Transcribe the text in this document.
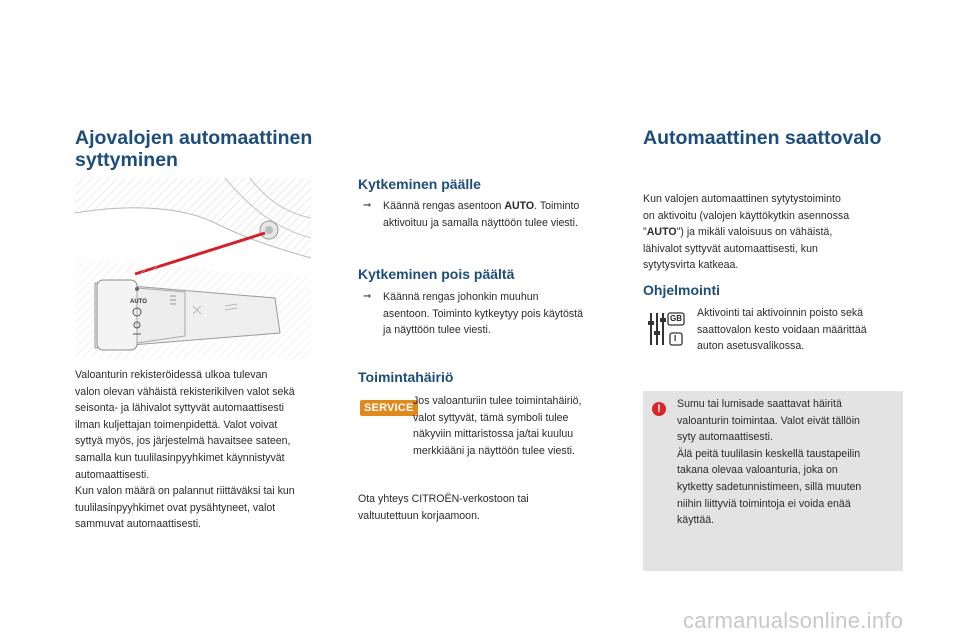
Ajovalojen automaattinen
syttyminen
AUTO

Valoanturin rekisteröidessä ulkoa tulevan

valon olevan vähäistä rekisterikilven valot sekä

seisonta- ja lähivalot syttyvät automaattisesti

ilman kuljettajan toimenpidettä. Valot voivat

syttyä myös, jos järjestelmä havaitsee sateen,

samalla kun tuulilasinpyyhkimet käynnistyvät

automaattisesti.

Kun valon määrä on palannut riittäväksi tai kun

tuulilasinpyyhkimet ovat pysähtyneet, valot

sammuvat automaattisesti.

Kytkeminen päälle
➞	Käännä rengas asentoon AUTO. Toiminto

aktivoituu ja samalla näyttöön tulee viesti.

Kytkeminen pois päältä
➞	Käännä rengas johonkin muuhun

asentoon. Toiminto kytkeytyy pois käytöstä

ja näyttöön tulee viesti.

Toimintahäiriö
SERVICE

Jos valoanturiin tulee toimintahäiriö,

valot syttyvät, tämä symboli tulee

näkyviin mittaristossa ja/tai kuuluu

merkkiääni ja näyttöön tulee viesti.

Ota yhteys CITROËN-verkostoon tai

valtuutettuun korjaamoon.

Automaattinen saattovalo

Kun valojen automaattinen sytytystoiminto

on aktivoitu (valojen käyttökytkin asennossa

"AUTO") ja mikäli valoisuus on vähäistä,

lähivalot syttyvät automaattisesti, kun

sytytysvirta katkeaa.

Ohjelmointi
GB
I

Aktivointi tai aktivoinnin poisto sekä

saattovalon kesto voidaan määrittää

auton asetusvalikossa.

!	Sumu tai lumisade saattavat häiritä

valoanturin toimintaa. Valot eivät tällöin

syty automaattisesti.

Älä peitä tuulilasin keskellä taustapeilin

takana olevaa valoanturia, joka on

kytketty sadetunnistimeen, sillä muuten

niihin liittyviä toimintoja ei voida enää

käyttää.

carmanualsonline.info
